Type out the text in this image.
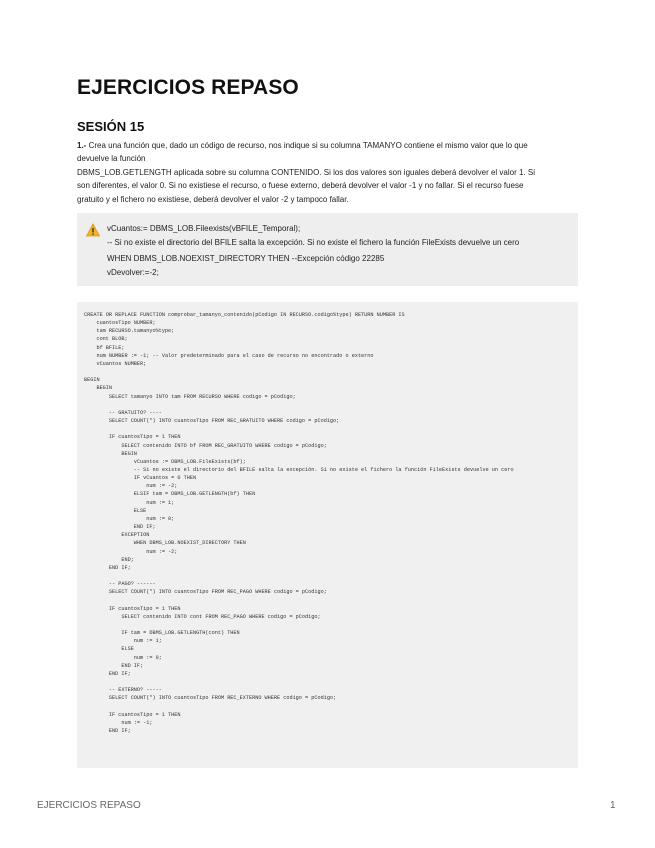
EJERCICIOS REPASO
SESIÓN 15
1.- Crea una función que, dado un código de recurso, nos indique si su columna TAMANYO contiene el mismo valor que lo que
devuelve la función
DBMS_LOB.GETLENGTH aplicada sobre su columna CONTENIDO. Si los dos valores son iguales deberá devolver el valor 1. Si
son diferentes, el valor 0. Si no existiese el recurso, o fuese externo, deberá devolver el valor -1 y no fallar. Si el recurso fuese
gratuito y el fichero no existiese, deberá devolver el valor -2 y tampoco fallar.
vCuantos:= DBMS_LOB.Fileexists(vBFILE_Temporal);
-- Si no existe el directorio del BFILE salta la excepción. Si no existe el fichero la función FileExists devuelve un cero
WHEN DBMS_LOB.NOEXIST_DIRECTORY THEN --Excepción código 22285
vDevolver:=-2;
CREATE OR REPLACE FUNCTION comprobar_tamanyo_contenido(pCodigo IN RECURSO.codigo%type) RETURN NUMBER IS
cuantosTipo NUMBER;
tam RECURSO.tamanyo%type;
cont BLOB;
bf BFILE;
num NUMBER := -1; -- Valor predeterminado para el caso de recurso no encontrado o externo
vCuantos NUMBER;

BEGIN
BEGIN
SELECT tamanyo INTO tam FROM RECURSO WHERE codigo = pCodigo;

-- GRATUITO? ----
SELECT COUNT(*) INTO cuantosTipo FROM REC_GRATUITO WHERE codigo = pCodigo;

IF cuantosTipo = 1 THEN
SELECT contenido INTO bf FROM REC_GRATUITO WHERE codigo = pCodigo;
BEGIN
vCuantos := DBMS_LOB.FileExists(bf);
-- Si no existe el directorio del BFILE salta la excepción. Si no existe el fichero la función FileExists devuelve un cero
IF vCuantos = 0 THEN
num := -2;
ELSIF tam = DBMS_LOB.GETLENGTH(bf) THEN
num := 1;
ELSE
num := 0;
END IF;
EXCEPTION
WHEN DBMS_LOB.NOEXIST_DIRECTORY THEN
num := -2;
END;
END IF;

-- PAGO? ------
SELECT COUNT(*) INTO cuantosTipo FROM REC_PAGO WHERE codigo = pCodigo;

IF cuantosTipo = 1 THEN
SELECT contenido INTO cont FROM REC_PAGO WHERE codigo = pCodigo;

IF tam = DBMS_LOB.GETLENGTH(cont) THEN
num := 1;
ELSE
num := 0;
END IF;
END IF;

-- EXTERNO? -----
SELECT COUNT(*) INTO cuantosTipo FROM REC_EXTERNO WHERE codigo = pCodigo;

IF cuantosTipo = 1 THEN
num := -1;
END IF;
EJERCICIOS REPASO	1
